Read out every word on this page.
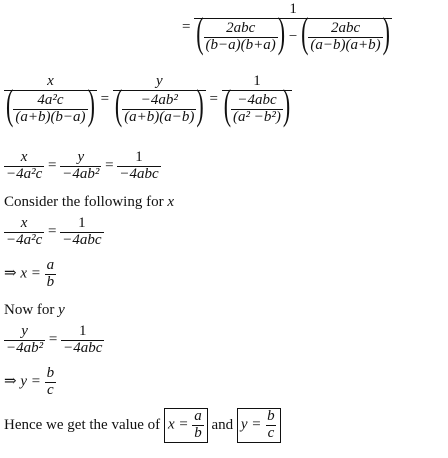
= $\frac{1}{( \frac{\text{2abc}}{(b-a)(b+a)} ) - ( \frac{\text{2abc}}{(a-b)(a+b)} )}$
$\frac{x}{( \frac{\text{4a²c}}{(a+b)(b-a)} )} = \frac{y}{( \frac{\text{−4ab²}}{(a+b)(a-b)} )} = \frac{1}{( \frac{\text{−4abc}}{\text{(a² −b²)}} )}$
$\frac{x}{\text{−4a²c}} = \frac{y}{\text{−4ab²}} = \frac{1}{\text{−4abc}}$
Consider the following for x
$\frac{x}{\text{−4a²c}} = \frac{1}{\text{−4abc}}$
⇒ $x = \frac{a}{b}$
Now for y
$\frac{y}{\text{−4ab²}} = \frac{1}{\text{−4abc}}$
⇒ $y = \frac{b}{c}$
Hence we get the value of $x = \frac{a}{b}$ and $y = \frac{b}{c}$
